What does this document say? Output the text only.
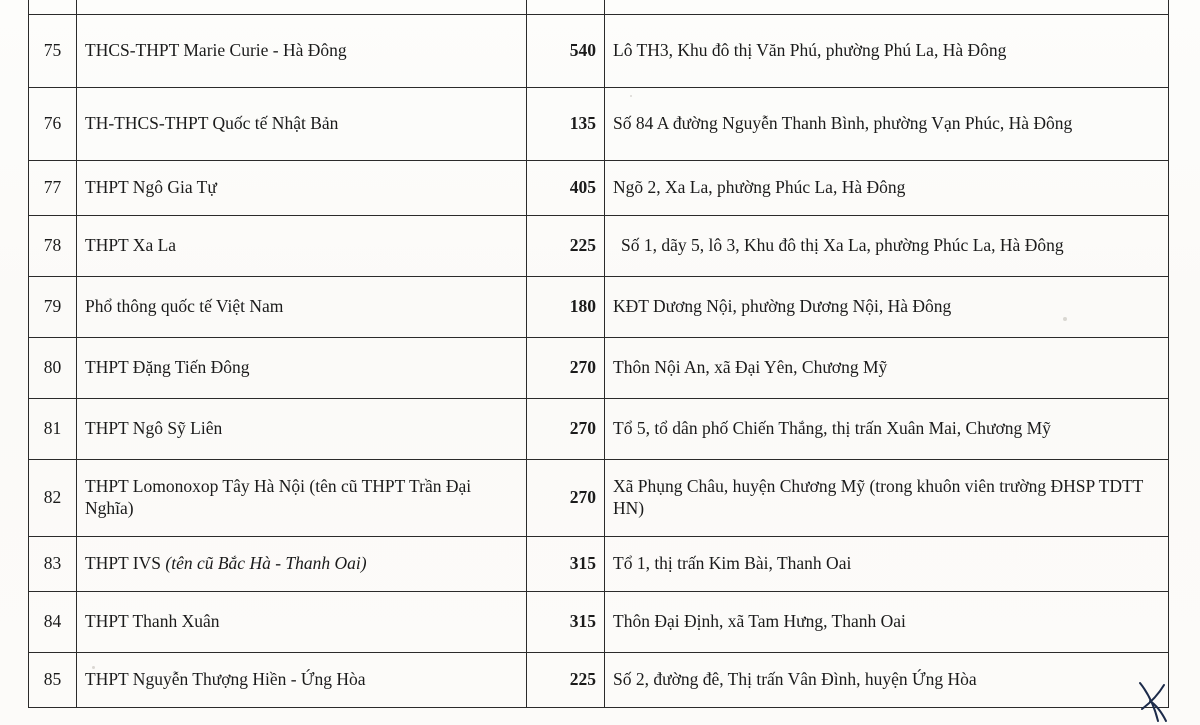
75	THCS-THPT Marie Curie - Hà Đông	540	Lô TH3, Khu đô thị Văn Phú, phường Phú La, Hà Đông
76	TH-THCS-THPT Quốc tế Nhật Bản	135	Số 84 A đường Nguyễn Thanh Bình, phường Vạn Phúc, Hà Đông
77	THPT Ngô Gia Tự	405	Ngõ 2, Xa La, phường Phúc La, Hà Đông
78	THPT Xa La	225	Số 1, dãy 5, lô 3, Khu đô thị Xa La, phường Phúc La, Hà Đông
79	Phổ thông quốc tế Việt Nam	180	KĐT Dương Nội, phường Dương Nội, Hà Đông
80	THPT Đặng Tiến Đông	270	Thôn Nội An, xã Đại Yên, Chương Mỹ
81	THPT Ngô Sỹ Liên	270	Tổ 5, tổ dân phố Chiến Thắng, thị trấn Xuân Mai, Chương Mỹ
82	THPT Lomonoxop Tây Hà Nội (tên cũ THPT Trần Đại Nghĩa)	270	Xã Phụng Châu, huyện Chương Mỹ (trong khuôn viên trường ĐHSP TDTT HN)
83	THPT IVS (tên cũ Bắc Hà - Thanh Oai)	315	Tổ 1, thị trấn Kim Bài, Thanh Oai
84	THPT Thanh Xuân	315	Thôn Đại Định, xã Tam Hưng, Thanh Oai
85	THPT Nguyễn Thượng Hiền - Ứng Hòa	225	Số 2, đường đê, Thị trấn Vân Đình, huyện Ứng Hòa
